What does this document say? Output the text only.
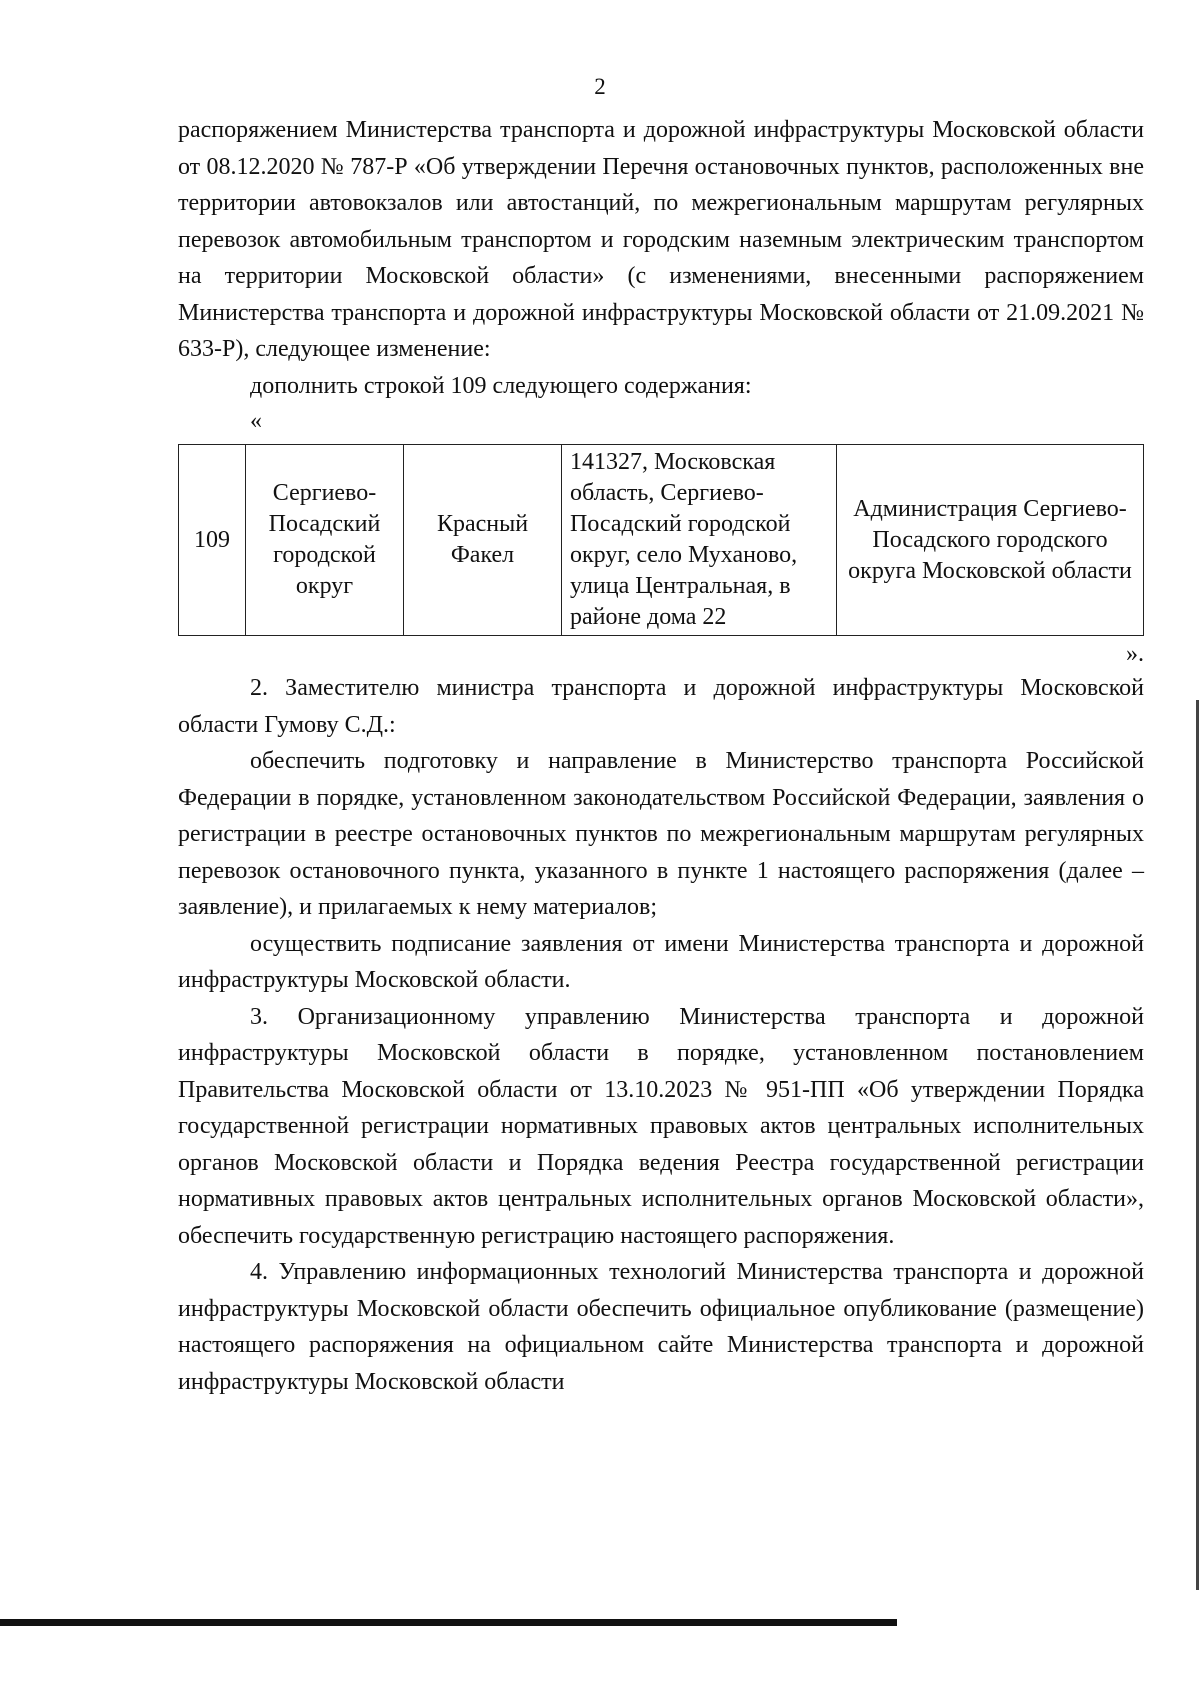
2

распоряжением Министерства транспорта и дорожной инфраструктуры Московской области от 08.12.2020 № 787-Р «Об утверждении Перечня остановочных пунктов, расположенных вне территории автовокзалов или автостанций, по межрегиональным маршрутам регулярных перевозок автомобильным транспортом и городским наземным электрическим транспортом на территории Московской области» (с изменениями, внесенными распоряжением Министерства транспорта и дорожной инфраструктуры Московской области от 21.09.2021 № 633-Р), следующее изменение:

дополнить строкой 109 следующего содержания:

«

109	Сергиево-Посадский городской округ	Красный Факел	141327, Московская область, Сергиево-Посадский городской округ, село Муханово, улица Центральная, в районе дома 22	Администрация Сергиево-Посадского городского округа Московской области

».

2. Заместителю министра транспорта и дорожной инфраструктуры Московской области Гумову С.Д.:

обеспечить подготовку и направление в Министерство транспорта Российской Федерации в порядке, установленном законодательством Российской Федерации, заявления о регистрации в реестре остановочных пунктов по межрегиональным маршрутам регулярных перевозок остановочного пункта, указанного в пункте 1 настоящего распоряжения (далее – заявление), и прилагаемых к нему материалов;

осуществить подписание заявления от имени Министерства транспорта и дорожной инфраструктуры Московской области.

3. Организационному управлению Министерства транспорта и дорожной инфраструктуры Московской области в порядке, установленном постановлением Правительства Московской области от 13.10.2023 № 951-ПП «Об утверждении Порядка государственной регистрации нормативных правовых актов центральных исполнительных органов Московской области и Порядка ведения Реестра государственной регистрации нормативных правовых актов центральных исполнительных органов Московской области», обеспечить государственную регистрацию настоящего распоряжения.

4. Управлению информационных технологий Министерства транспорта и дорожной инфраструктуры Московской области обеспечить официальное опубликование (размещение) настоящего распоряжения на официальном сайте Министерства транспорта и дорожной инфраструктуры Московской области
